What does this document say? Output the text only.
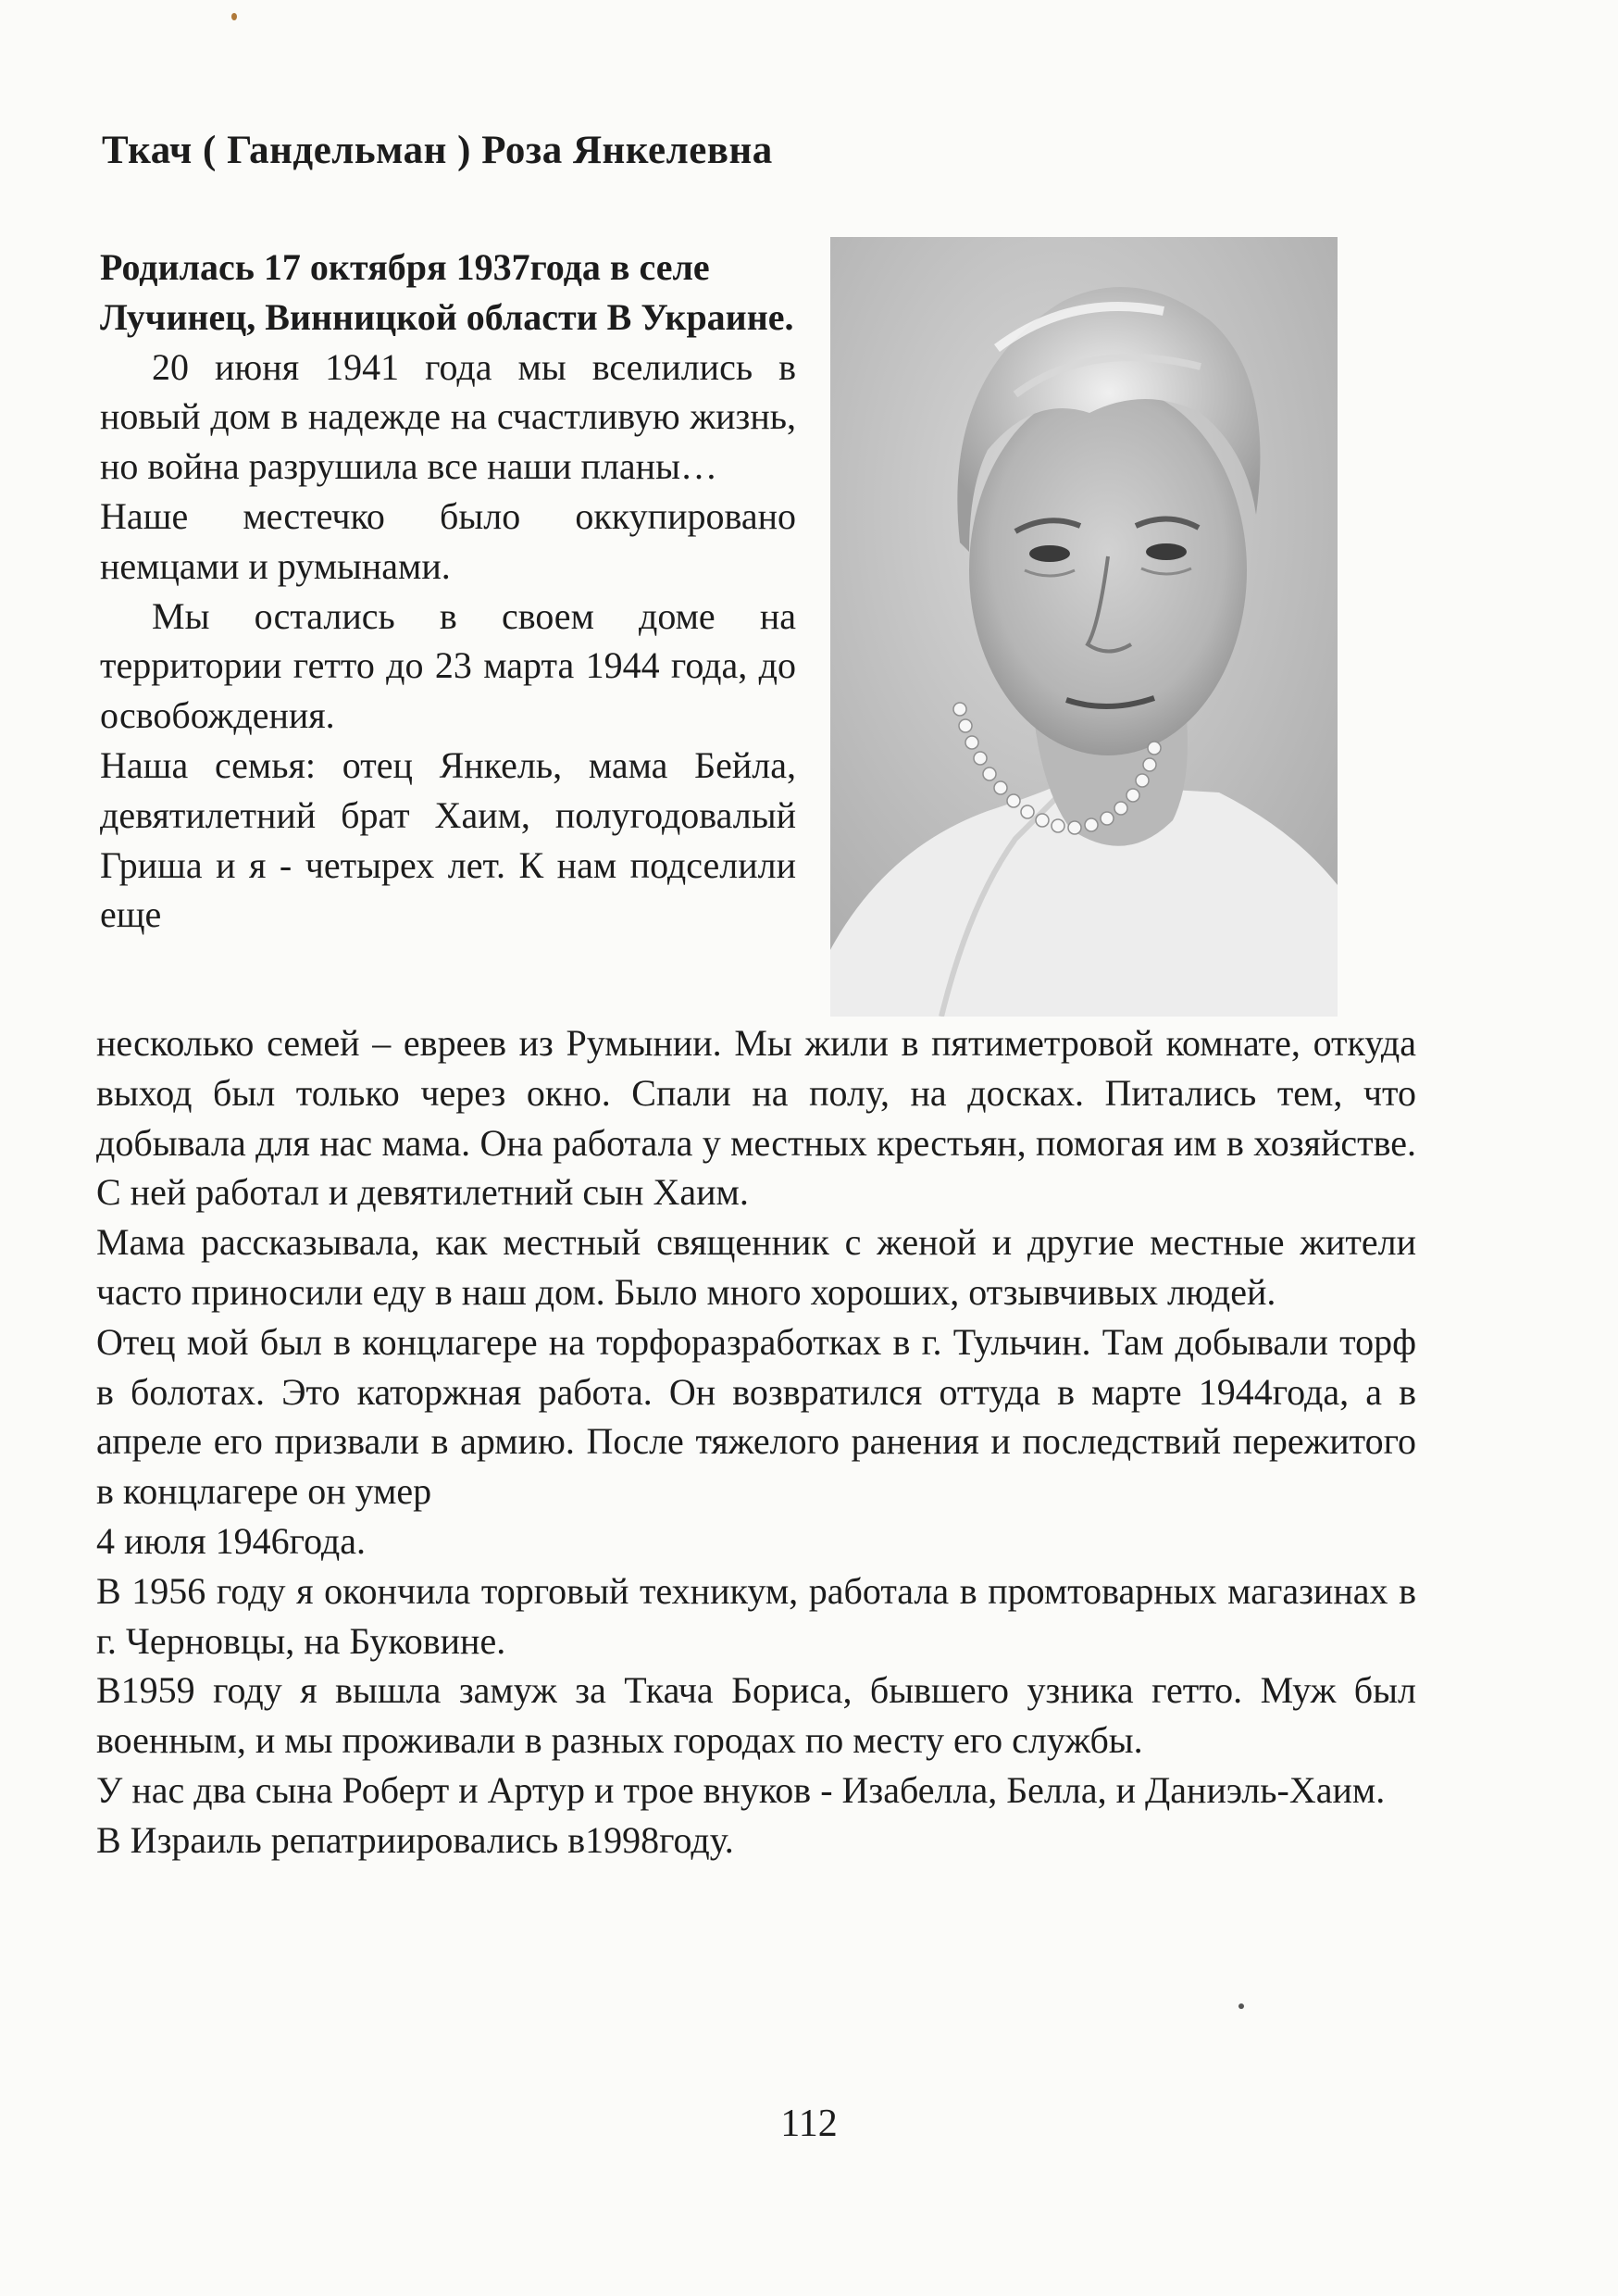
Ткач ( Гандельман ) Роза Янкелевна

Родилась 17 октября 1937года в селе Лучинец, Винницкой области В Украине.

20 июня 1941 года мы вселились в новый дом в надежде на счастливую жизнь, но война разрушила все наши планы…

Наше местечко было оккупировано немцами и румынами.

Мы остались в своем доме на территории гетто до 23 марта 1944 года, до освобождения.

Наша семья: отец Янкель, мама Бейла, девятилетний брат Хаим, полугодовалый Гриша и я - четырех лет. К нам подселили еще

несколько семей – евреев из Румынии. Мы жили в пятиметровой комнате, откуда выход был только через окно. Спали на полу, на досках. Питались тем, что добывала для нас мама. Она работала у местных крестьян, помогая им в хозяйстве. С ней работал и девятилетний сын Хаим.

Мама рассказывала, как местный священник с женой и другие местные жители часто приносили еду в наш дом. Было много хороших, отзывчивых людей.

Отец мой был в концлагере на торфоразработках в г. Тульчин. Там добывали торф в болотах. Это каторжная работа. Он возвратился оттуда в марте 1944года, а в апреле его призвали в армию. После тяжелого ранения и последствий пережитого в концлагере он умер

4 июля 1946года.

В 1956 году я окончила торговый техникум, работала в промтоварных магазинах в г. Черновцы, на Буковине.

В1959 году я вышла замуж за Ткача Бориса, бывшего узника гетто. Муж был военным, и мы проживали в разных городах по месту его службы.

У нас два сына Роберт и Артур и трое внуков - Изабелла, Белла, и Даниэль-Хаим.

В Израиль репатриировались в1998году.

112
